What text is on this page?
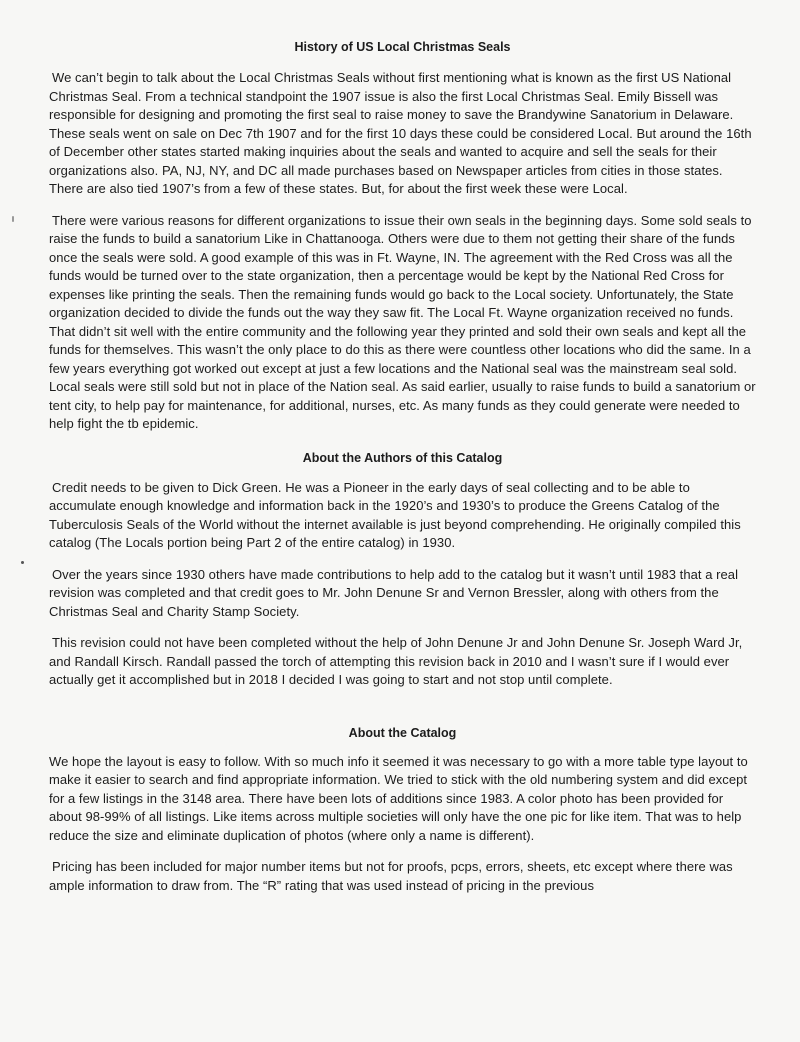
History of US Local Christmas Seals

We can’t begin to talk about the Local Christmas Seals without first mentioning what is known as the first US National Christmas Seal. From a technical standpoint the 1907 issue is also the first Local Christmas Seal. Emily Bissell was responsible for designing and promoting the first seal to raise money to save the Brandywine Sanatorium in Delaware. These seals went on sale on Dec 7th 1907 and for the first 10 days these could be considered Local. But around the 16th of December other states started making inquiries about the seals and wanted to acquire and sell the seals for their organizations also. PA, NJ, NY, and DC all made purchases based on Newspaper articles from cities in those states. There are also tied 1907’s from a few of these states. But, for about the first week these were Local.

There were various reasons for different organizations to issue their own seals in the beginning days. Some sold seals to raise the funds to build a sanatorium Like in Chattanooga. Others were due to them not getting their share of the funds once the seals were sold. A good example of this was in Ft. Wayne, IN. The agreement with the Red Cross was all the funds would be turned over to the state organization, then a percentage would be kept by the National Red Cross for expenses like printing the seals. Then the remaining funds would go back to the Local society. Unfortunately, the State organization decided to divide the funds out the way they saw fit. The Local Ft. Wayne organization received no funds. That didn’t sit well with the entire community and the following year they printed and sold their own seals and kept all the funds for themselves. This wasn’t the only place to do this as there were countless other locations who did the same. In a few years everything got worked out except at just a few locations and the National seal was the mainstream seal sold. Local seals were still sold but not in place of the Nation seal. As said earlier, usually to raise funds to build a sanatorium or tent city, to help pay for maintenance, for additional, nurses, etc. As many funds as they could generate were needed to help fight the tb epidemic.

About the Authors of this Catalog

Credit needs to be given to Dick Green. He was a Pioneer in the early days of seal collecting and to be able to accumulate enough knowledge and information back in the 1920’s and 1930’s to produce the Greens Catalog of the Tuberculosis Seals of the World without the internet available is just beyond comprehending. He originally compiled this catalog (The Locals portion being Part 2 of the entire catalog) in 1930.

Over the years since 1930 others have made contributions to help add to the catalog but it wasn’t until 1983 that a real revision was completed and that credit goes to Mr. John Denune Sr and Vernon Bressler, along with others from the Christmas Seal and Charity Stamp Society.

This revision could not have been completed without the help of John Denune Jr and John Denune Sr. Joseph Ward Jr, and Randall Kirsch. Randall passed the torch of attempting this revision back in 2010 and I wasn’t sure if I would ever actually get it accomplished but in 2018 I decided I was going to start and not stop until complete.

About the Catalog

We hope the layout is easy to follow. With so much info it seemed it was necessary to go with a more table type layout to make it easier to search and find appropriate information. We tried to stick with the old numbering system and did except for a few listings in the 3148 area. There have been lots of additions since 1983. A color photo has been provided for about 98-99% of all listings. Like items across multiple societies will only have the one pic for like item. That was to help reduce the size and eliminate duplication of photos (where only a name is different).

Pricing has been included for major number items but not for proofs, pcps, errors, sheets, etc except where there was ample information to draw from. The “R” rating that was used instead of pricing in the previous
